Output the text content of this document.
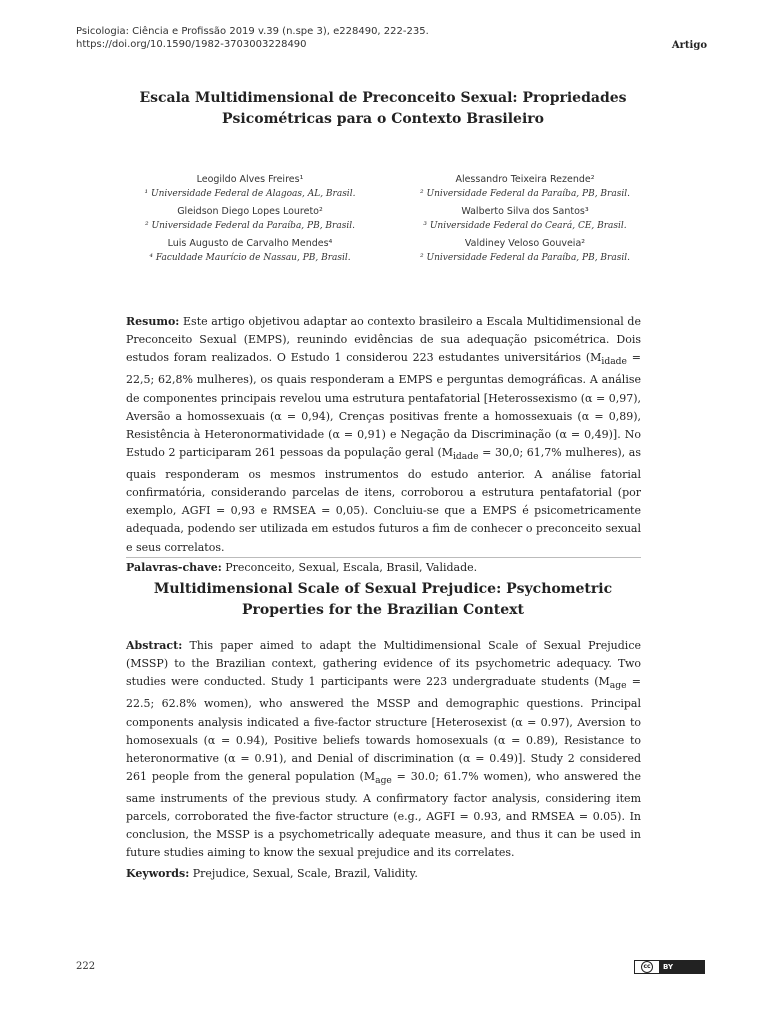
Psicologia: Ciência e Profissão 2019 v.39 (n.spe 3), e228490, 222-235.
https://doi.org/10.1590/1982-3703003228490	Artigo
Escala Multidimensional de Preconceito Sexual: Propriedades
Psicométricas para o Contexto Brasileiro
Leogildo Alves Freires¹
¹ Universidade Federal de Alagoas, AL, Brasil.
Gleidson Diego Lopes Loureto²
² Universidade Federal da Paraíba, PB, Brasil.
Luis Augusto de Carvalho Mendes⁴
⁴ Faculdade Maurício de Nassau, PB, Brasil.
Alessandro Teixeira Rezende²
² Universidade Federal da Paraíba, PB, Brasil.
Walberto Silva dos Santos³
³ Universidade Federal do Ceará, CE, Brasil.
Valdiney Veloso Gouveia²
² Universidade Federal da Paraíba, PB, Brasil.
Resumo: Este artigo objetivou adaptar ao contexto brasileiro a Escala Multidimensional de Preconceito Sexual (EMPS), reunindo evidências de sua adequação psicométrica. Dois estudos foram realizados. O Estudo 1 considerou 223 estudantes universitários ($M_{idade} = 22,5$; 62,8% mulheres), os quais responderam a EMPS e perguntas demográficas. A análise de componentes principais revelou uma estrutura pentafatorial [Heterossexismo (α = 0,97), Aversão a homossexuais (α = 0,94), Crenças positivas frente a homossexuais (α = 0,89), Resistência à Heteronormatividade (α = 0,91) e Negação da Discriminação (α = 0,49)]. No Estudo 2 participaram 261 pessoas da população geral ($M_{idade} = 30,0$; 61,7% mulheres), as quais responderam os mesmos instrumentos do estudo anterior. A análise fatorial confirmatória, considerando parcelas de itens, corroborou a estrutura pentafatorial (por exemplo, AGFI = 0,93 e RMSEA = 0,05). Concluiu-se que a EMPS é psicometricamente adequada, podendo ser utilizada em estudos futuros a fim de conhecer o preconceito sexual e seus correlatos.
Palavras-chave: Preconceito, Sexual, Escala, Brasil, Validade.
Multidimensional Scale of Sexual Prejudice: Psychometric
Properties for the Brazilian Context
Abstract: This paper aimed to adapt the Multidimensional Scale of Sexual Prejudice (MSSP) to the Brazilian context, gathering evidence of its psychometric adequacy. Two studies were conducted. Study 1 participants were 223 undergraduate students ($M_{age} = 22.5$; 62.8% women), who answered the MSSP and demographic questions. Principal components analysis indicated a five-factor structure [Heterosexist (α = 0.97), Aversion to homosexuals (α = 0.94), Positive beliefs towards homosexuals (α = 0.89), Resistance to heteronormative (α = 0.91), and Denial of discrimination (α = 0.49)]. Study 2 considered 261 people from the general population ($M_{age} = 30.0$; 61.7% women), who answered the same instruments of the previous study. A confirmatory factor analysis, considering item parcels, corroborated the five-factor structure (e.g., AGFI = 0.93, and RMSEA = 0.05). In conclusion, the MSSP is a psychometrically adequate measure, and thus it can be used in future studies aiming to know the sexual prejudice and its correlates.
Keywords: Prejudice, Sexual, Scale, Brazil, Validity.
222	cc	BY
